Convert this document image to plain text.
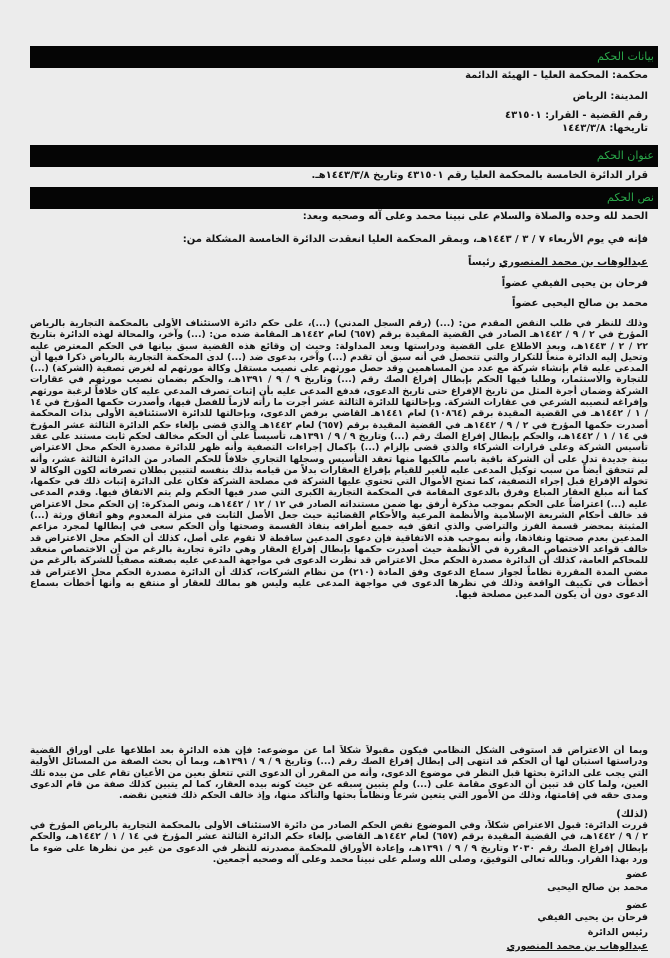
بيانات الحكم
محكمة: المحكمة العليا - الهيئة الدائمة
المدينة: الرياض
رقم القضية - القرار: ٤٣١٥٠١
تاريخها: ١٤٤٣/٣/٨
عنوان الحكم
قرار الدائرة الخامسة بالمحكمة العليا رقم ٤٣١٥٠١ وتاريخ ١٤٤٣/٣/٨هـ.
نص الحكم
الحمد لله وحده والصلاة والسلام على نبينا محمد وعلى آله وصحبه وبعد:
فإنه في يوم الأربعاء ٧ / ٣ / ١٤٤٣هـ، وبمقر المحكمة العليا انعقدت الدائرة الخامسة المشكلة من:
عبدالوهاب بن محمد المنصوري رئيساً
فرحان بن يحيى الفيفي عضواً
محمد بن صالح اليحيى عضواً
وذلك للنظر في طلب النقض المقدم من: (...) (رقم السجل المدني) (...)، على حكم دائرة الاستئناف الأولى بالمحكمة التجارية بالرياض المؤرخ في ٢ / ٩ / ١٤٤٢هـ الصادر في القضية المقيدة برقم (٦٥٧) لعام ١٤٤٢هـ المقامة ضده من: (...) وآخر، والمحالة لهذه الدائرة بتاريخ ٢٢ / ٢ / ١٤٤٣هـ، وبعد الاطلاع على القضية ودراستها وبعد المداولة: وحيث إن وقائع هذه القضية سبق بيانها في الحكم المعترض عليه وتحيل إليه الدائرة منعاً للتكرار والتي تتحصل في أنه سبق أن تقدم (...) وآخر، بدعوى ضد (...) لدى المحكمة التجارية بالرياض ذكرا فيها أن المدعى عليه قام بإنشاء شركة مع عدد من المساهمين وقد حصل مورثهم على نصيب مستقل وكالة مورثهم له لغرض تصفية (الشركة) (...) للتجارة والاستثمار، وطلبا فيها الحكم بإبطال إفراغ الصك رقم (...) وتاريخ ٩ / ٩ / ١٣٩١هـ، والحكم بضمان نصيب مورثهم في عقارات الشركة وضمان أجرة المثل من تاريخ الإفراغ حتى تاريخ الدعوى، فدفع المدعى عليه بأن إثبات تصرف المدعي عليه كان خلافاً لرغبة مورثهم وإفراغه لنصيبه الشرعي في عقارات الشركة. وبإحالتها للدائرة الثالثة عشر أجرت ما رأته لازماً للفصل فيها، وأصدرت حكمها المؤرخ في ١٤ / ١ / ١٤٤٢هـ في القضية المقيدة برقم (١٠٨٦٤) لعام ١٤٤١هـ القاضي برفض الدعوى، وبإحالتها للدائرة الاستئنافية الأولى بذات المحكمة أصدرت حكمها المؤرخ في ٢ / ٩ / ١٤٤٢هـ في القضية المقيدة برقم (٦٥٧) لعام ١٤٤٢هـ والذي قضى بإلغاء حكم الدائرة الثالثة عشر المؤرخ في ١٤ / ١ / ١٤٤٢هـ، والحكم بإبطال إفراغ الصك رقم (...) وتاريخ ٩ / ٩ / ١٣٩١هـ، تأسيساً على أن الحكم مخالف لحكم ثابت مستند على عقد تأسيس الشركة وعلى قرارات الشركاء والذي قضى بإلزام (...) بإكمال إجراءات التصفية وأنه ظهر للدائرة مصدرة الحكم محل الاعتراض بينة جديدة تدل على أن الشركة باقية باسم مالكيها منها تعقد التأسيس وسجلها التجاري خلافاً للحكم الصادر من الدائرة الثالثة عشر، وأنه لم تتحقق أيضاً من سبب توكيل المدعى عليه للغير للقيام بإفراغ العقارات بدلاً من قيامه بذلك بنفسه لتتبين بطلان تصرفاته لكون الوكالة لا تخوله الإفراغ قبل إجراء التصفية، كما تمنح الأموال التي تحتوي عليها الشركة في مصلحة الشركة فكان على الدائرة إثبات ذلك في حكمها، كما أنه مبلغ العقار المباع وفرق بالدعوى المقامة في المحكمة التجارية الكبرى التي صدر فيها الحكم ولم يتم الاتفاق فيها. وقدم المدعى عليه (...) اعتراضاً على الحكم بموجب مذكرة أرفق بها ضمن مستنداته الصادر في ١٢ / ١٢ / ١٤٤٢هـ، ونص المذكرة: إن الحكم محل الاعتراض قد خالف أحكام الشريعة الإسلامية والأنظمة المرعية والأحكام القضائية حيث جعل الأصل الثابت في منزلة المعدوم وهو اتفاق ورثة (...) المثبتة بمحضر قسمة الفرز والتراضي والذي اتفق فيه جميع أطرافه بنفاذ القسمة وصحتها وأن الحكم سعى في إبطالها لمجرد مزاعم المدعين بعدم صحتها ونفاذها، وأنه بموجب هذه الاتفاقية فإن دعوى المدعين ساقطة لا تقوم على أصل، كذلك أن الحكم محل الاعتراض قد خالف قواعد الاختصاص المقررة في الأنظمة حيث أصدرت حكمها بإبطال إفراغ العقار وهي دائرة تجارية بالرغم من أن الاختصاص منعقد للمحاكم العامة، كذلك أن الدائرة مصدرة الحكم محل الاعتراض قد نظرت الدعوى في مواجهة المدعي عليه بصفته مصفياً للشركة بالرغم من مضي المدة المقررة نظاماً لجواز سماع الدعوى وفق المادة (٢١٠) من نظام الشركات، كذلك أن الدائرة مصدرة الحكم محل الاعتراض قد أخطأت في تكييف الواقعة وذلك في نظرها الدعوى في مواجهة المدعى عليه وليس هو بمالك للعقار أو منتفع به وأنها أخطأت بسماع الدعوى دون أن يكون المدعين مصلحة فيها.
وبما أن الاعتراض قد استوفى الشكل النظامي فيكون مقبولاً شكلاً أما عن موضوعه: فإن هذه الدائرة بعد اطلاعها على أوراق القضية ودراستها استبان لها أن الحكم قد انتهى إلى إبطال إفراغ الصك رقم (...) وتاريخ ٩ / ٩ / ١٣٩١هـ، وبما أن بحث الصفة من المسائل الأولية التي يجب على الدائرة بحثها قبل النظر في موضوع الدعوى، وأنه من المقرر أن الدعوى التي تتعلق بعين من الأعيان تقام على من بيده تلك العين، ولما كان قد تبين أن الدعوى مقامة على (...) ولم يتبين سبقه عن حيث كونه بيده العقار، كما لم يتبين كذلك صفة من قام الدعوى ومدى حقه في إقامتها، وذلك من الأمور التي يتعين شرعاً ونظاماً بحثها والتأكد منها، وإذ خالف الحكم ذلك فتعين نقضه.
(لذلك)
قررت الدائرة: قبول الاعتراض شكلاً، وفي الموضوع نقض الحكم الصادر من دائرة الاستئناف الأولى بالمحكمة التجارية بالرياض المؤرخ في ٢ / ٩ / ١٤٤٢هـ، في القضية المقيدة برقم (٦٥٧) لعام ١٤٤٢هـ القاضي بإلغاء حكم الدائرة الثالثة عشر المؤرخ في ١٤ / ١ / ١٤٤٢هـ، والحكم بإبطال إفراغ الصك رقم ٢٠٣٠ وتاريخ ٩ / ٩ / ١٣٩١هـ، وإعادة الأوراق للمحكمة مصدرته للنظر في الدعوى من غير من نظرها على ضوء ما ورد بهذا القرار. وبالله تعالى التوفيق، وصلى الله وسلم على نبينا محمد وعلى آله وصحبه أجمعين.
عضو
محمد بن صالح اليحيى
عضو
فرحان بن يحيى الفيفي
رئيس الدائرة
عبدالوهاب بن محمد المنصوري
